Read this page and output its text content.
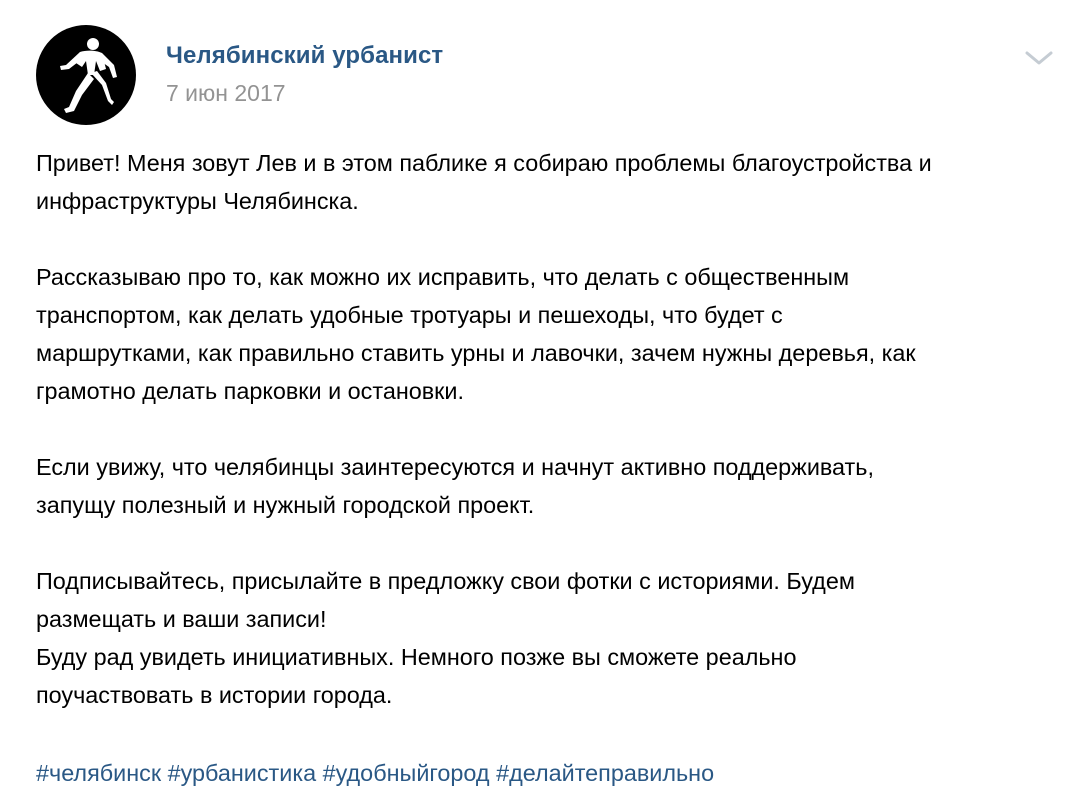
Челябинский урбанист
7 июн 2017

Привет! Меня зовут Лев и в этом паблике я собираю проблемы благоустройства и

инфраструктуры Челябинска.

Рассказываю про то, как можно их исправить, что делать с общественным

транспортом, как делать удобные тротуары и пешеходы, что будет с

маршрутками, как правильно ставить урны и лавочки, зачем нужны деревья, как

грамотно делать парковки и остановки.

Если увижу, что челябинцы заинтересуются и начнут активно поддерживать,

запущу полезный и нужный городской проект.

Подписывайтесь, присылайте в предложку свои фотки с историями. Будем

размещать и ваши записи!

Буду рад увидеть инициативных. Немного позже вы сможете реально

поучаствовать в истории города.

#челябинск #урбанистика #удобныйгород #делайтеправильно
